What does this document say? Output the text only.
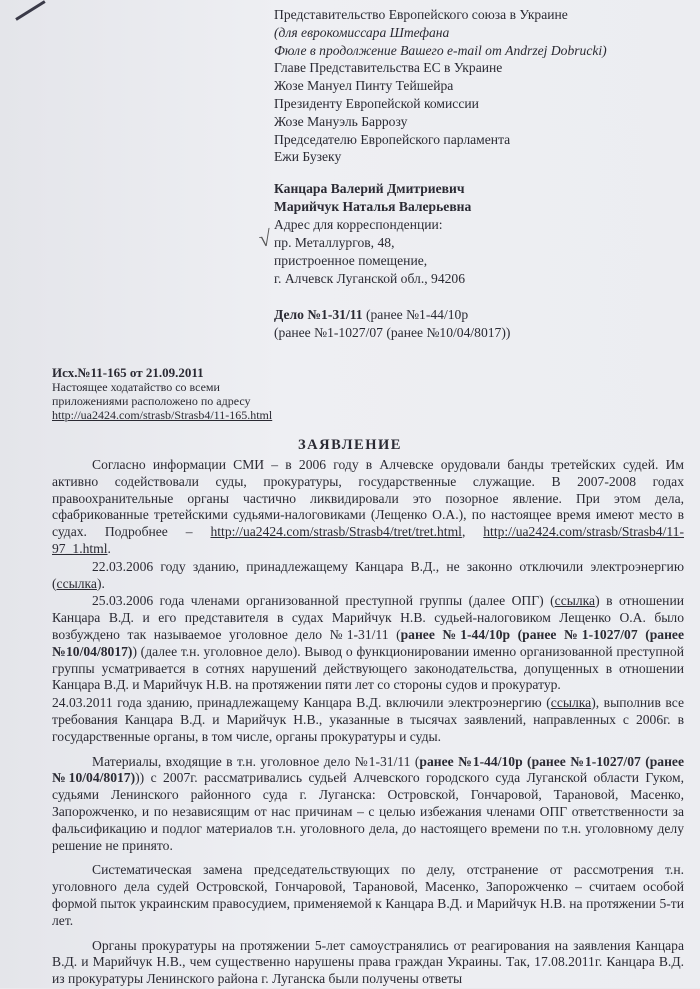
Представительство Европейского союза в Украине
(для еврокомиссара Штефана
Фюле в продолжение Вашего e-mail от Andrzej Dobrucki)
Главе Представительства ЕС в Украине
Жозе Мануел Пинту Тейшейра
Президенту Европейской комиссии
Жозе Мануэль Баррозу
Председателю Европейского парламента
Ежи Бузеку
√
Канцара Валерий Дмитриевич
Марийчук Наталья Валерьевна
Адрес для корреспонденции:
пр. Металлургов, 48,
пристроенное помещение,
г. Алчевск Луганской обл., 94206
Дело №1-31/11 (ранее №1-44/10р
(ранее №1-1027/07 (ранее №10/04/8017))
Исх.№11-165 от 21.09.2011
Настоящее ходатайство со всеми
приложениями расположено по адресу
http://ua2424.com/strasb/Strasb4/11-165.html
ЗАЯВЛЕНИЕ

Согласно информации СМИ – в 2006 году в Алчевске орудовали банды третейских судей. Им активно содействовали суды, прокуратуры, государственные служащие. В 2007-2008 годах правоохранительные органы частично ликвидировали это позорное явление. При этом дела, сфабрикованные третейскими судьями-налоговиками (Лещенко О.А.), по настоящее время имеют место в судах. Подробнее – http://ua2424.com/strasb/Strasb4/tret/tret.html, http://ua2424.com/strasb/Strasb4/11-97_1.html.

22.03.2006 году зданию, принадлежащему Канцара В.Д., не законно отключили электроэнергию (ссылка).

25.03.2006 года членами организованной преступной группы (далее ОПГ) (ссылка) в отношении Канцара В.Д. и его представителя в судах Марийчук Н.В. судьей-налоговиком Лещенко О.А. было возбуждено так называемое уголовное дело №1-31/11 (ранее №1-44/10р (ранее №1-1027/07 (ранее №10/04/8017)) (далее т.н. уголовное дело). Вывод о функционировании именно организованной преступной группы усматривается в сотнях нарушений действующего законодательства, допущенных в отношении Канцара В.Д. и Марийчук Н.В. на протяжении пяти лет со стороны судов и прокуратур.

24.03.2011 года зданию, принадлежащему Канцара В.Д. включили электроэнергию (ссылка), выполнив все требования Канцара В.Д. и Марийчук Н.В., указанные в тысячах заявлений, направленных с 2006г. в государственные органы, в том числе, органы прокуратуры и суды.

Материалы, входящие в т.н. уголовное дело №1-31/11 (ранее №1-44/10р (ранее №1-1027/07 (ранее №10/04/8017))) с 2007г. рассматривались судьей Алчевского городского суда Луганской области Гуком, судьями Ленинского районного суда г. Луганска: Островской, Гончаровой, Тарановой, Масенко, Запорожченко, и по независящим от нас причинам – с целью избежания членами ОПГ ответственности за фальсификацию и подлог материалов т.н. уголовного дела, до настоящего времени по т.н. уголовному делу решение не принято.

Систематическая замена председательствующих по делу, отстранение от рассмотрения т.н. уголовного дела судей Островской, Гончаровой, Тарановой, Масенко, Запорожченко – считаем особой формой пыток украинским правосудием, применяемой к Канцара В.Д. и Марийчук Н.В. на протяжении 5-ти лет.

Органы прокуратуры на протяжении 5-лет самоустранялись от реагирования на заявления Канцара В.Д. и Марийчук Н.В., чем существенно нарушены права граждан Украины. Так, 17.08.2011г. Канцара В.Д. из прокуратуры Ленинского района г. Луганска были получены ответы
